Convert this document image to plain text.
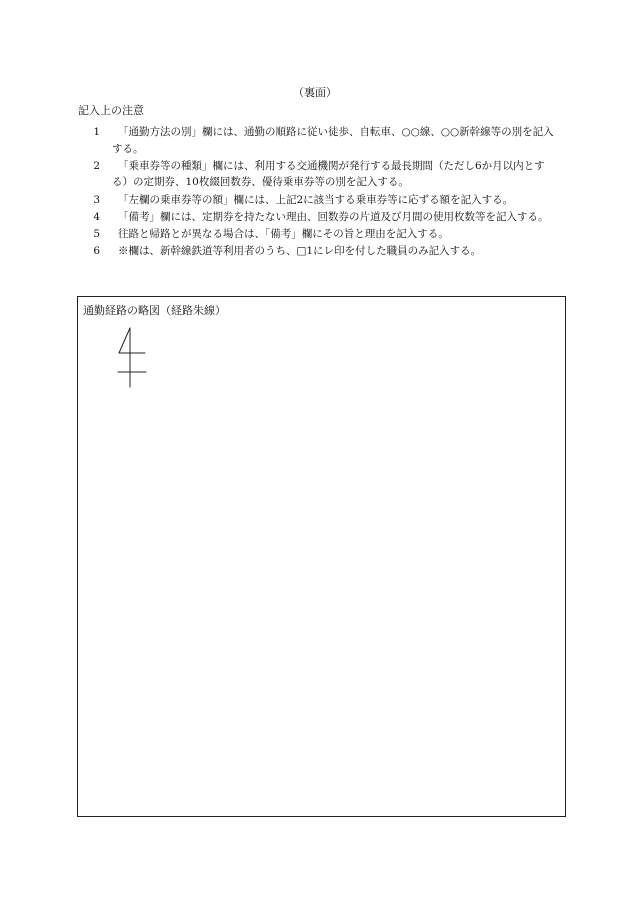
（裏面）
記入上の注意
1	「通勤方法の別」欄には、通勤の順路に従い徒歩、自転車、○○線、○○新幹線等の別を記入する。
2	「乗車券等の種類」欄には、利用する交通機関が発行する最長期間（ただし6か月以内とする）の定期券、10枚綴回数券、優待乗車券等の別を記入する。
3	「左欄の乗車券等の額」欄には、上記2に該当する乗車券等に応ずる額を記入する。
4	「備考」欄には、定期券を持たない理由、回数券の片道及び月間の使用枚数等を記入する。
5	往路と帰路とが異なる場合は、「備考」欄にその旨と理由を記入する。
6	※欄は、新幹線鉄道等利用者のうち、□1にレ印を付した職員のみ記入する。
通勤経路の略図（経路朱線）
